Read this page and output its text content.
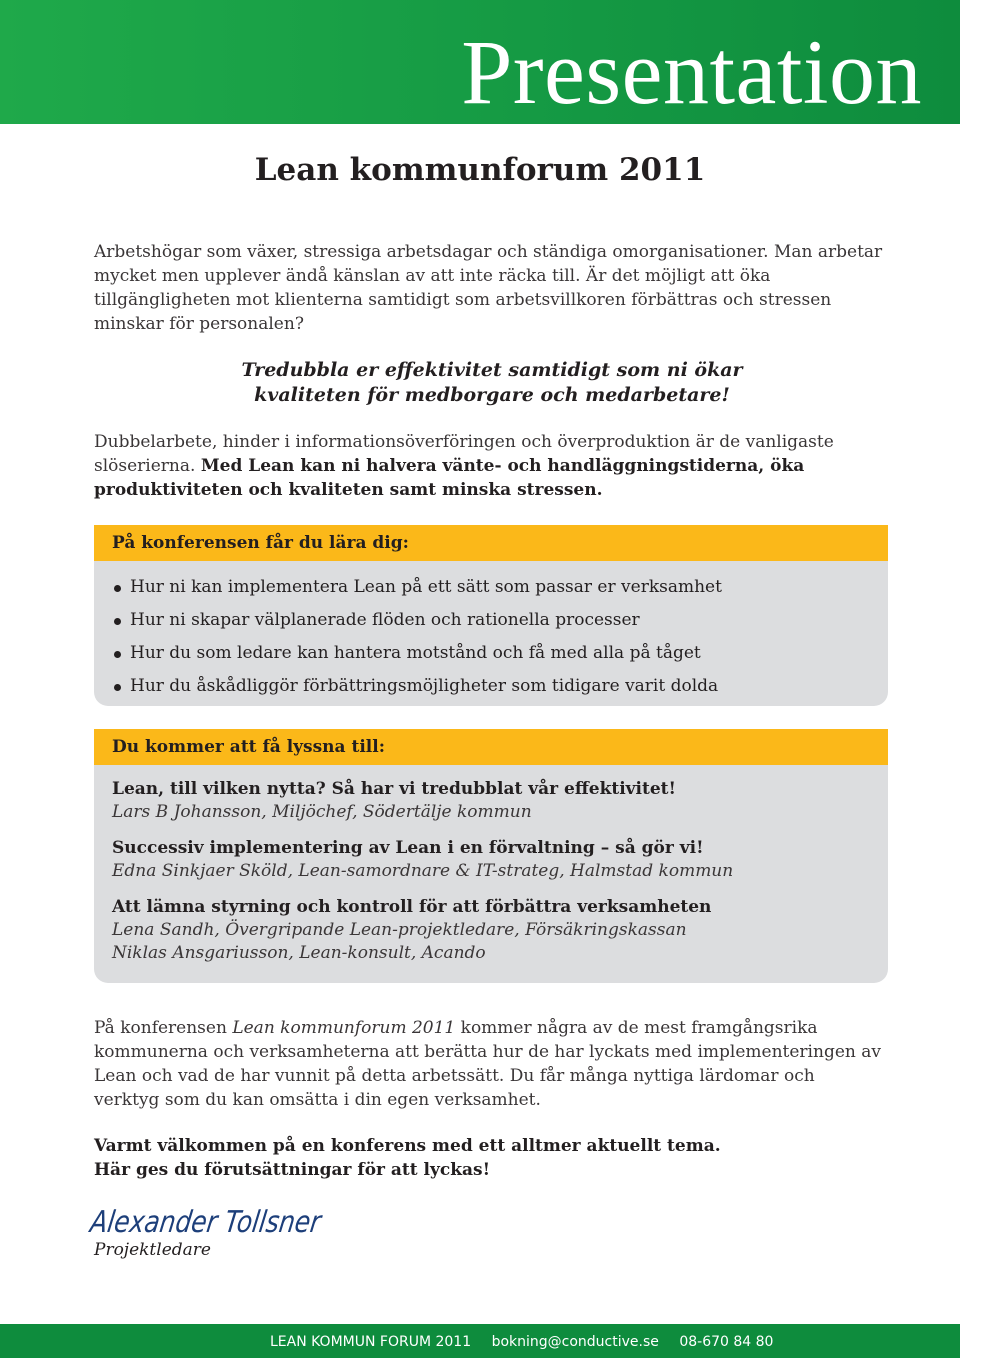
Presentation
Lean kommunforum 2011
Arbetshögar som växer, stressiga arbetsdagar och ständiga omorganisationer. Man arbetar mycket men upplever ändå känslan av att inte räcka till. Är det möjligt att öka tillgängligheten mot klienterna samtidigt som arbetsvillkoren förbättras och stressen minskar för personalen?
Tredubbla er effektivitet samtidigt som ni ökar
kvaliteten för medborgare och medarbetare!
Dubbelarbete, hinder i informationsöverföringen och överproduktion är de vanligaste slöserierna. Med Lean kan ni halvera vänte- och handläggningstiderna, öka produktiviteten och kvaliteten samt minska stressen.
På konferensen får du lära dig:
Hur ni kan implementera Lean på ett sätt som passar er verksamhet
Hur ni skapar välplanerade flöden och rationella processer
Hur du som ledare kan hantera motstånd och få med alla på tåget
Hur du åskådliggör förbättringsmöjligheter som tidigare varit dolda
Du kommer att få lyssna till:
Lean, till vilken nytta? Så har vi tredubblat vår effektivitet!
Lars B Johansson, Miljöchef, Södertälje kommun
Successiv implementering av Lean i en förvaltning – så gör vi!
Edna Sinkjaer Sköld, Lean-samordnare & IT-strateg, Halmstad kommun
Att lämna styrning och kontroll för att förbättra verksamheten
Lena Sandh, Övergripande Lean-projektledare, Försäkringskassan
Niklas Ansgariusson, Lean-konsult, Acando
På konferensen Lean kommunforum 2011 kommer några av de mest framgångsrika kommunerna och verksamheterna att berätta hur de har lyckats med implementeringen av Lean och vad de har vunnit på detta arbetssätt. Du får många nyttiga lärdomar och verktyg som du kan omsätta i din egen verksamhet.
Varmt välkommen på en konferens med ett alltmer aktuellt tema.
Här ges du förutsättningar för att lyckas!
Alexander Tollsner
Projektledare
LEAN KOMMUN FORUM 2011 bokning@conductive.se 08-670 84 80
